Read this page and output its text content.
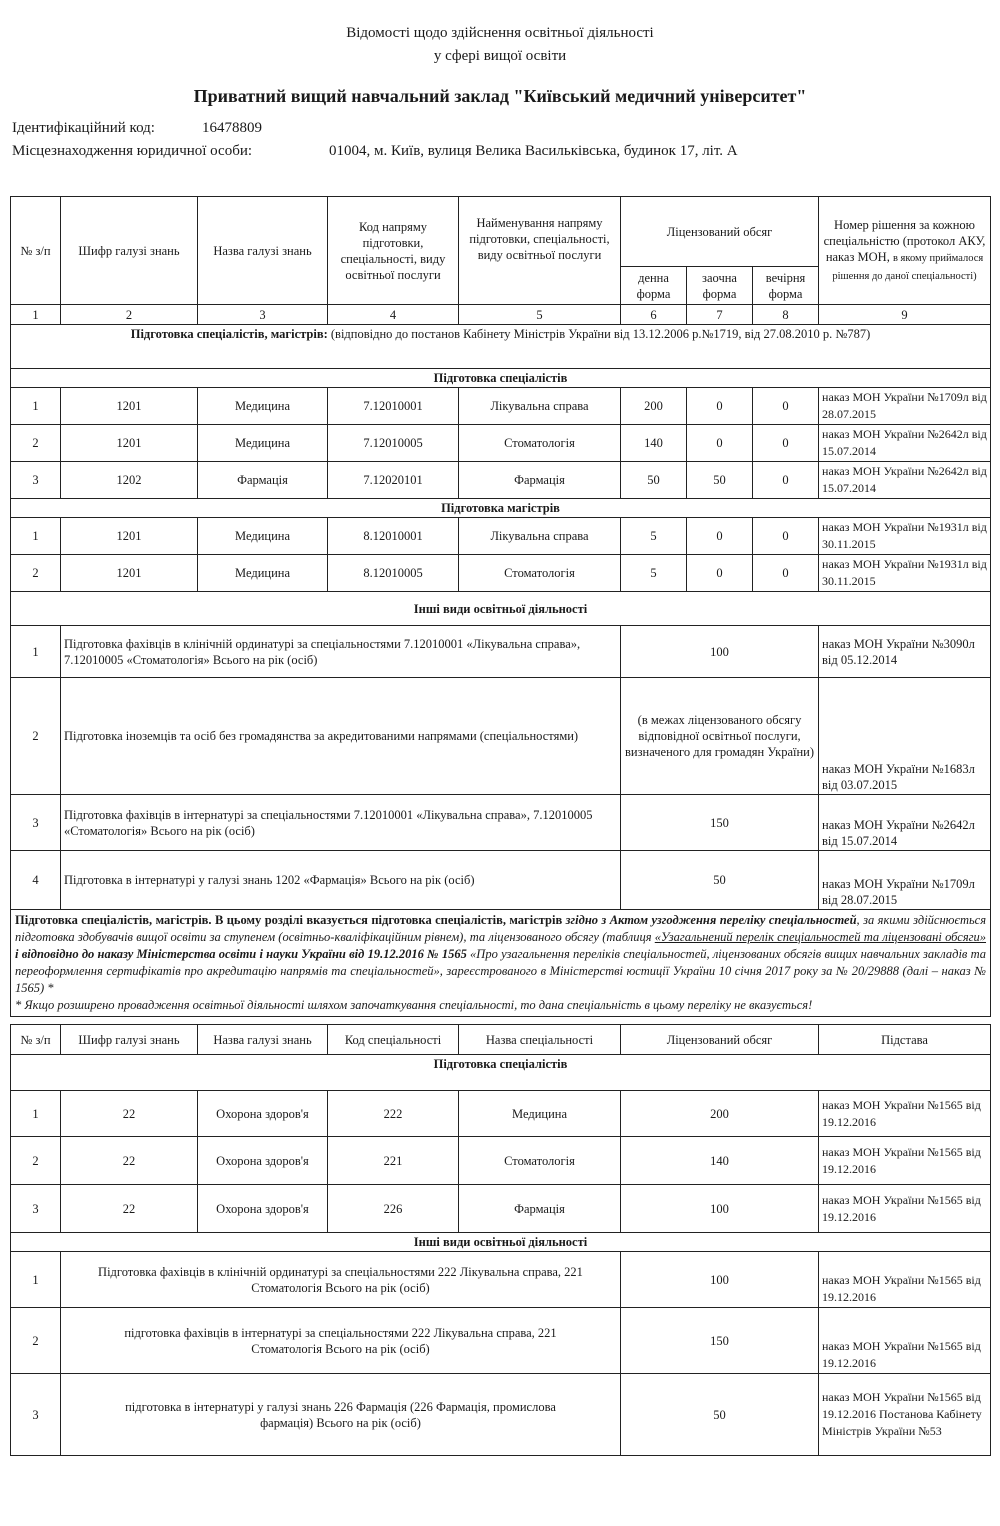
Відомості щодо здійснення освітньої діяльності
у сфері вищої освіти
Приватний вищий навчальний заклад "Київський медичний університет"
Ідентифікаційний код:	16478809
Місцезнаходження юридичної особи:	01004, м. Київ, вулиця Велика Васильківська, будинок 17, літ. А
№ з/п	Шифр галузі знань	Назва галузі знань	Код напряму підготовки, спеціальності, виду освітньої послуги	Найменування напряму підготовки, спеціальності, виду освітньої послуги	Ліцензований обсяг			Номер рішення за кожною спеціальністю (протокол АКУ, наказ МОН, в якому приймалося рішення до даної спеціальності)
					денна форма	заочна форма	вечірня форма	
1	2	3	4	5	6	7	8	9
Підготовка спеціалістів, магістрів: (відповідно до постанов Кабінету Міністрів України від 13.12.2006 р.№1719, від 27.08.2010 р. №787)								
Підготовка спеціалістів								
1	1201	Медицина	7.12010001	Лікувальна справа	200	0	0	наказ МОН України №1709л від 28.07.2015
2	1201	Медицина	7.12010005	Стоматологія	140	0	0	наказ МОН України №2642л від 15.07.2014
3	1202	Фармація	7.12020101	Фармація	50	50	0	наказ МОН України №2642л від 15.07.2014
Підготовка магістрів								
1	1201	Медицина	8.12010001	Лікувальна справа	5	0	0	наказ МОН України №1931л від 30.11.2015
2	1201	Медицина	8.12010005	Стоматологія	5	0	0	наказ МОН України №1931л від 30.11.2015
Інші види освітньої діяльності								
1	Підготовка фахівців в клінічній ординатурі за спеціальностями 7.12010001 «Лікувальна справа», 7.12010005 «Стоматологія» Всього на рік (осіб)				100			наказ МОН України №3090л від 05.12.2014
2	Підготовка іноземців та осіб без громадянства за акредитованими напрямами (спеціальностями)				(в межах ліцензованого обсягу відповідної освітньої послуги, визначеного для громадян України)			наказ МОН України №1683л від 03.07.2015
3	Підготовка фахівців в інтернатурі за спеціальностями 7.12010001 «Лікувальна справа», 7.12010005 «Стоматологія» Всього на рік (осіб)				150			наказ МОН України №2642л від 15.07.2014
4	Підготовка в інтернатурі у галузі знань 1202 «Фармація» Всього на рік (осіб)				50			наказ МОН України №1709л від 28.07.2015
Підготовка спеціалістів, магістрів. В цьому розділі вказується підготовка спеціалістів, магістрів згідно з Актом узгодження переліку спеціальностей, за якими здійснюється підготовка здобувачів вищої освіти за ступенем (освітньо-кваліфікаційним рівнем), та ліцензованого обсягу (таблиця «Узагальнений перелік спеціальностей та ліцензовані обсяги» і відповідно до наказу Міністерства освіти і науки України від 19.12.2016 № 1565 «Про узагальнення переліків спеціальностей, ліцензованих обсягів вищих навчальних закладів та переоформлення сертифікатів про акредитацію напрямів та спеціальностей», зареєстрованого в Міністерстві юстиції України 10 січня 2017 року за № 20/29888 (далі – наказ № 1565) *
* Якщо розширено провадження освітньої діяльності шляхом започаткування спеціальності, то дана спеціальність в цьому переліку не вказується!								
№ з/п	Шифр галузі знань	Назва галузі знань	Код спеціальності	Назва спеціальності	Ліцензований обсяг	Підстава
Підготовка спеціалістів						
1	22	Охорона здоров'я	222	Медицина	200	наказ МОН України №1565 від 19.12.2016
2	22	Охорона здоров'я	221	Стоматологія	140	наказ МОН України №1565 від 19.12.2016
3	22	Охорона здоров'я	226	Фармація	100	наказ МОН України №1565 від 19.12.2016
Інші види освітньої діяльності						
1	Підготовка фахівців в клінічній ординатурі за спеціальностями 222 Лікувальна справа, 221 Стоматологія Всього на рік (осіб)				100	наказ МОН України №1565 від 19.12.2016
2	підготовка фахівців в інтернатурі за спеціальностями 222 Лікувальна справа, 221 Стоматологія Всього на рік (осіб)				150	наказ МОН України №1565 від 19.12.2016
3	підготовка в інтернатурі у галузі знань 226 Фармація (226 Фармація, промислова фармація) Всього на рік (осіб)				50	наказ МОН України №1565 від 19.12.2016 Постанова Кабінету Міністрів України №53
